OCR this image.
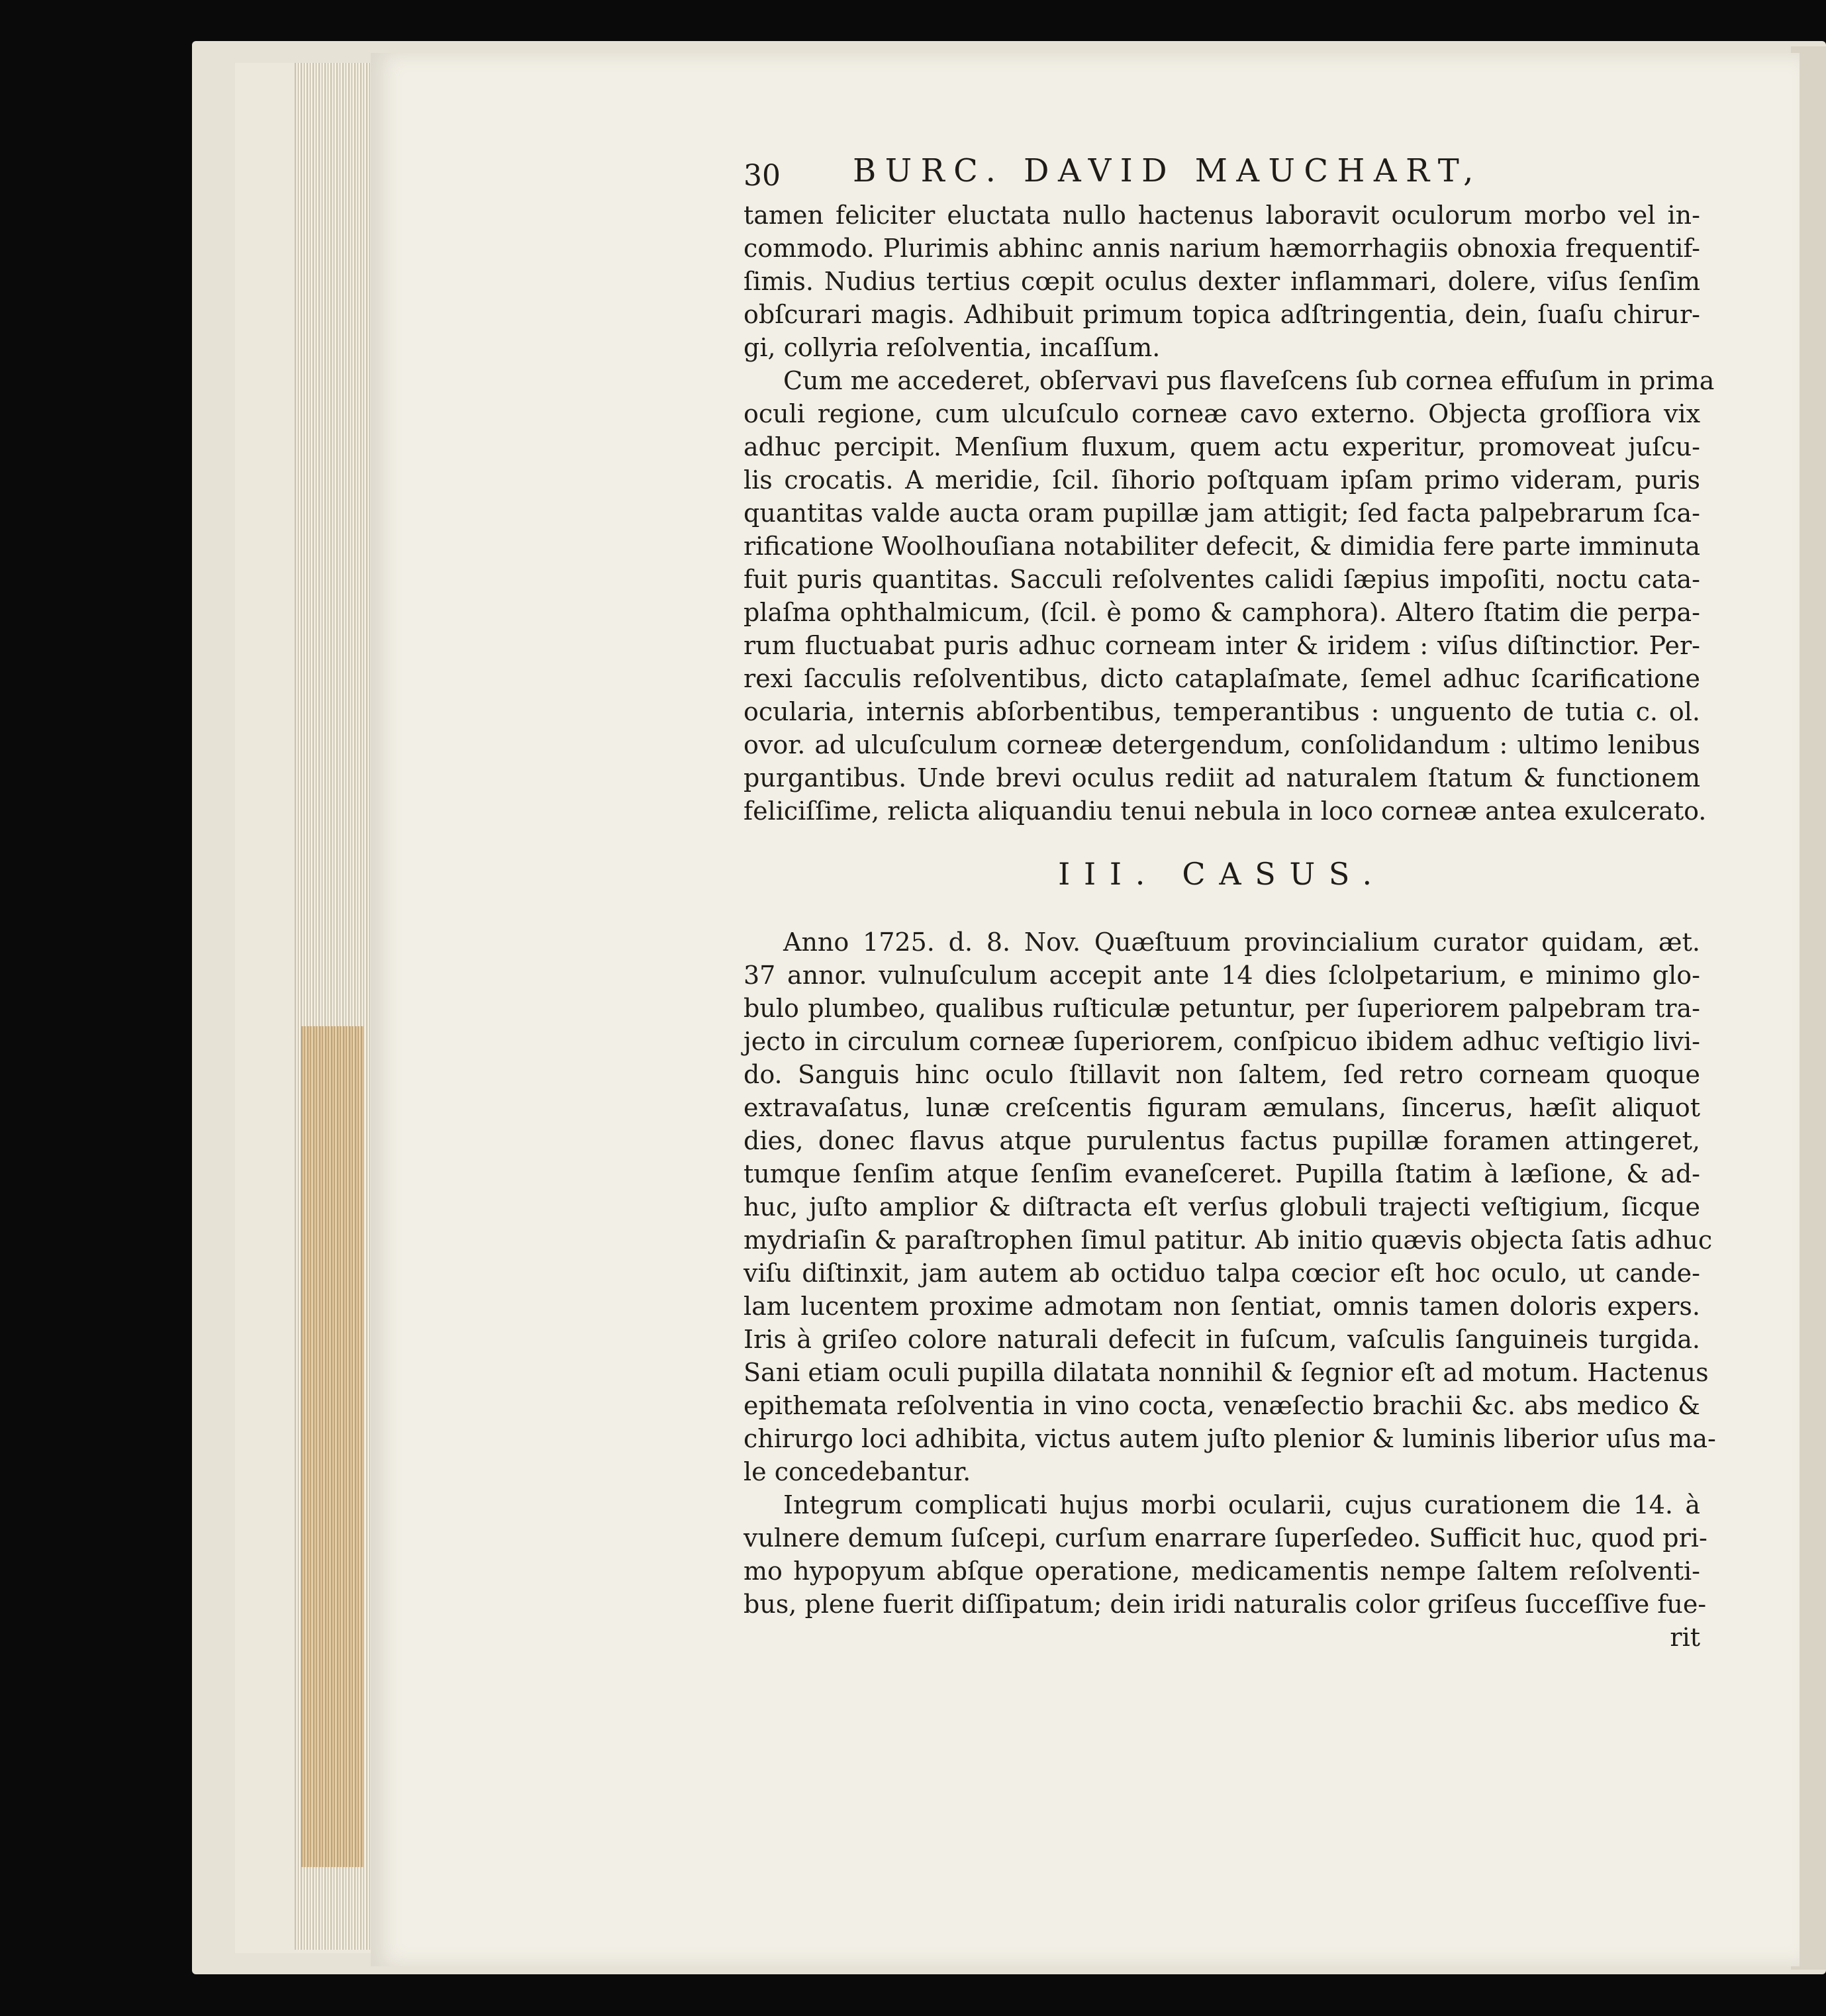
30 BURC. DAVID MAUCHART,
tamen feliciter eluctata nullo hactenus laboravit oculorum morbo vel in-
commodo. Plurimis abhinc annis narium hæmorrhagiis obnoxia frequentif-
ſimis. Nudius tertius cœpit oculus dexter inflammari, dolere, viſus ſenſim
obſcurari magis. Adhibuit primum topica adſtringentia, dein, ſuaſu chirur-
gi, collyria reſolventia, incaſſum.
Cum me accederet, obſervavi pus flaveſcens ſub cornea effuſum in prima
oculi regione, cum ulcuſculo corneæ cavo externo. Objecta groſſiora vix
adhuc percipit. Menſium fluxum, quem actu experitur, promoveat juſcu-
lis crocatis. A meridie, ſcil. ſihorio poſtquam ipſam primo videram, puris
quantitas valde aucta oram pupillæ jam attigit; ſed facta palpebrarum ſca-
rificatione Woolhouſiana notabiliter defecit, & dimidia fere parte imminuta
fuit puris quantitas. Sacculi reſolventes calidi ſæpius impoſiti, noctu cata-
plaſma ophthalmicum, (ſcil. è pomo & camphora). Altero ſtatim die perpa-
rum fluctuabat puris adhuc corneam inter & iridem : viſus diſtinctior. Per-
rexi ſacculis reſolventibus, dicto cataplaſmate, ſemel adhuc ſcarificatione
ocularia, internis abſorbentibus, temperantibus : unguento de tutia c. ol.
ovor. ad ulcuſculum corneæ detergendum, conſolidandum : ultimo lenibus
purgantibus. Unde brevi oculus rediit ad naturalem ſtatum & functionem
feliciſſime, relicta aliquandiu tenui nebula in loco corneæ antea exulcerato.
III. CASUS.
Anno 1725. d. 8. Nov. Quæſtuum provincialium curator quidam, æt.
37 annor. vulnuſculum accepit ante 14 dies ſclolpetarium, e minimo glo-
bulo plumbeo, qualibus ruſticulæ petuntur, per ſuperiorem palpebram tra-
jecto in circulum corneæ ſuperiorem, conſpicuo ibidem adhuc veſtigio livi-
do. Sanguis hinc oculo ſtillavit non ſaltem, ſed retro corneam quoque
extravaſatus, lunæ creſcentis figuram æmulans, ſincerus, hæſit aliquot
dies, donec flavus atque purulentus factus pupillæ foramen attingeret,
tumque ſenſim atque ſenſim evaneſceret. Pupilla ſtatim à læſione, & ad-
huc, juſto amplior & diſtracta eſt verſus globuli trajecti veſtigium, ſicque
mydriaſin & paraſtrophen ſimul patitur. Ab initio quævis objecta ſatis adhuc
viſu diſtinxit, jam autem ab octiduo talpa cœcior eſt hoc oculo, ut cande-
lam lucentem proxime admotam non ſentiat, omnis tamen doloris expers.
Iris à griſeo colore naturali defecit in fuſcum, vaſculis ſanguineis turgida.
Sani etiam oculi pupilla dilatata nonnihil & ſegnior eſt ad motum. Hactenus
epithemata reſolventia in vino cocta, venæſectio brachii &c. abs medico &
chirurgo loci adhibita, victus autem juſto plenior & luminis liberior uſus ma-
le concedebantur.
Integrum complicati hujus morbi ocularii, cujus curationem die 14. à
vulnere demum ſuſcepi, curſum enarrare ſuperſedeo. Sufficit huc, quod pri-
mo hypopyum abſque operatione, medicamentis nempe ſaltem reſolventi-
bus, plene fuerit diſſipatum; dein iridi naturalis color griſeus ſucceſſive fue-
rit
